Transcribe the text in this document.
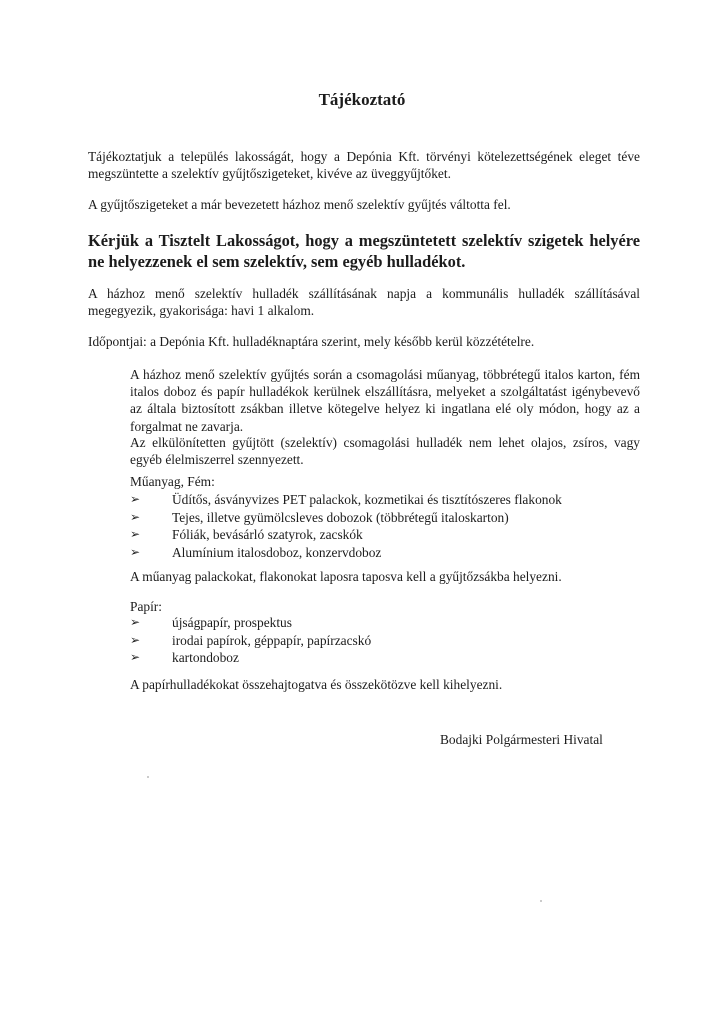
Tájékoztató
Tájékoztatjuk a település lakosságát, hogy a Depónia Kft. törvényi kötelezettségének eleget téve megszüntette a szelektív gyűjtőszigeteket, kivéve az üveggyűjtőket.
A gyűjtőszigeteket a már bevezetett házhoz menő szelektív gyűjtés váltotta fel.
Kérjük a Tisztelt Lakosságot, hogy a megszüntetett szelektív szigetek helyére ne helyezzenek el sem szelektív, sem egyéb hulladékot.
A házhoz menő szelektív hulladék szállításának napja a kommunális hulladék szállításával megegyezik, gyakorisága: havi 1 alkalom.
Időpontjai: a Depónia Kft. hulladéknaptára szerint, mely később kerül közzétételre.
A házhoz menő szelektív gyűjtés során a csomagolási műanyag, többrétegű italos karton, fém italos doboz és papír hulladékok kerülnek elszállításra, melyeket a szolgáltatást igénybevevő az általa biztosított zsákban illetve kötegelve helyez ki ingatlana elé oly módon, hogy az a forgalmat ne zavarja.
Az elkülönítetten gyűjtött (szelektív) csomagolási hulladék nem lehet olajos, zsíros, vagy egyéb élelmiszerrel szennyezett.
Műanyag, Fém:
➢ Üdítős, ásványvizes PET palackok, kozmetikai és tisztítószeres flakonok
➢ Tejes, illetve gyümölcsleves dobozok (többrétegű italoskarton)
➢ Fóliák, bevásárló szatyrok, zacskók
➢ Alumínium italosdoboz, konzervdoboz
A műanyag palackokat, flakonokat laposra taposva kell a gyűjtőzsákba helyezni.
Papír:
➢ újságpapír, prospektus
➢ irodai papírok, géppapír, papírzacskó
➢ kartondoboz
A papírhulladékokat összehajtogatva és összekötözve kell kihelyezni.
Bodajki Polgármesteri Hivatal
